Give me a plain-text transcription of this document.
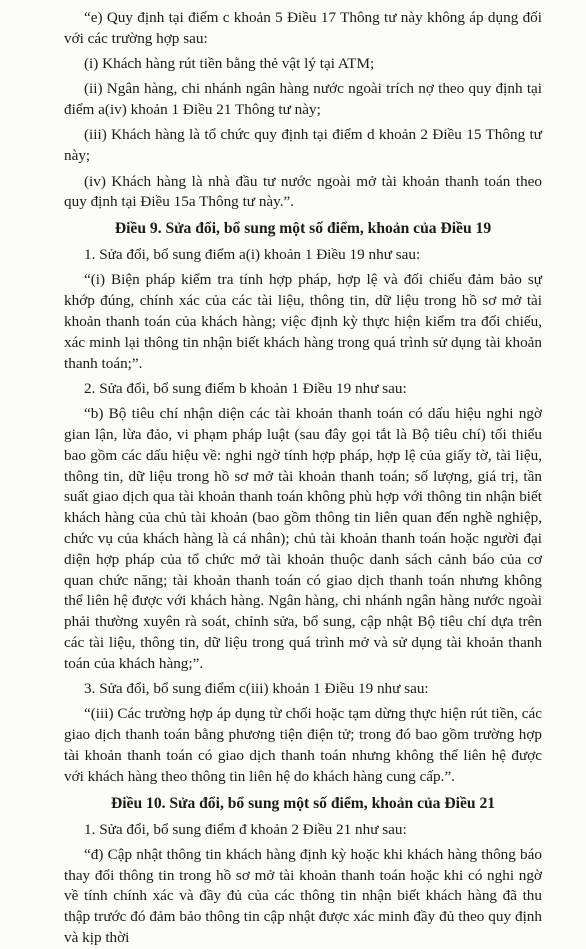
“e) Quy định tại điểm c khoản 5 Điều 17 Thông tư này không áp dụng đối với các trường hợp sau:

(i) Khách hàng rút tiền bằng thẻ vật lý tại ATM;

(ii) Ngân hàng, chi nhánh ngân hàng nước ngoài trích nợ theo quy định tại điểm a(iv) khoản 1 Điều 21 Thông tư này;

(iii) Khách hàng là tổ chức quy định tại điểm d khoản 2 Điều 15 Thông tư này;

(iv) Khách hàng là nhà đầu tư nước ngoài mở tài khoản thanh toán theo quy định tại Điều 15a Thông tư này.”.

Điều 9. Sửa đổi, bổ sung một số điểm, khoản của Điều 19

1. Sửa đổi, bổ sung điểm a(i) khoản 1 Điều 19 như sau:

“(i) Biện pháp kiểm tra tính hợp pháp, hợp lệ và đối chiếu đảm bảo sự khớp đúng, chính xác của các tài liệu, thông tin, dữ liệu trong hồ sơ mở tài khoản thanh toán của khách hàng; việc định kỳ thực hiện kiểm tra đối chiếu, xác minh lại thông tin nhận biết khách hàng trong quá trình sử dụng tài khoản thanh toán;”.

2. Sửa đổi, bổ sung điểm b khoản 1 Điều 19 như sau:

“b) Bộ tiêu chí nhận diện các tài khoản thanh toán có dấu hiệu nghi ngờ gian lận, lừa đảo, vi phạm pháp luật (sau đây gọi tắt là Bộ tiêu chí) tối thiểu bao gồm các dấu hiệu về: nghi ngờ tính hợp pháp, hợp lệ của giấy tờ, tài liệu, thông tin, dữ liệu trong hồ sơ mở tài khoản thanh toán; số lượng, giá trị, tần suất giao dịch qua tài khoản thanh toán không phù hợp với thông tin nhận biết khách hàng của chủ tài khoản (bao gồm thông tin liên quan đến nghề nghiệp, chức vụ của khách hàng là cá nhân); chủ tài khoản thanh toán hoặc người đại diện hợp pháp của tổ chức mở tài khoản thuộc danh sách cảnh báo của cơ quan chức năng; tài khoản thanh toán có giao dịch thanh toán nhưng không thể liên hệ được với khách hàng. Ngân hàng, chi nhánh ngân hàng nước ngoài phải thường xuyên rà soát, chỉnh sửa, bổ sung, cập nhật Bộ tiêu chí dựa trên các tài liệu, thông tin, dữ liệu trong quá trình mở và sử dụng tài khoản thanh toán của khách hàng;”.

3. Sửa đổi, bổ sung điểm c(iii) khoản 1 Điều 19 như sau:

“(iii) Các trường hợp áp dụng từ chối hoặc tạm dừng thực hiện rút tiền, các giao dịch thanh toán bằng phương tiện điện tử; trong đó bao gồm trường hợp tài khoản thanh toán có giao dịch thanh toán nhưng không thể liên hệ được với khách hàng theo thông tin liên hệ do khách hàng cung cấp.”.

Điều 10. Sửa đổi, bổ sung một số điểm, khoản của Điều 21

1. Sửa đổi, bổ sung điểm đ khoản 2 Điều 21 như sau:

“đ) Cập nhật thông tin khách hàng định kỳ hoặc khi khách hàng thông báo thay đổi thông tin trong hồ sơ mở tài khoản thanh toán hoặc khi có nghi ngờ về tính chính xác và đầy đủ của các thông tin nhận biết khách hàng đã thu thập trước đó đảm bảo thông tin cập nhật được xác minh đầy đủ theo quy định và kịp thời
